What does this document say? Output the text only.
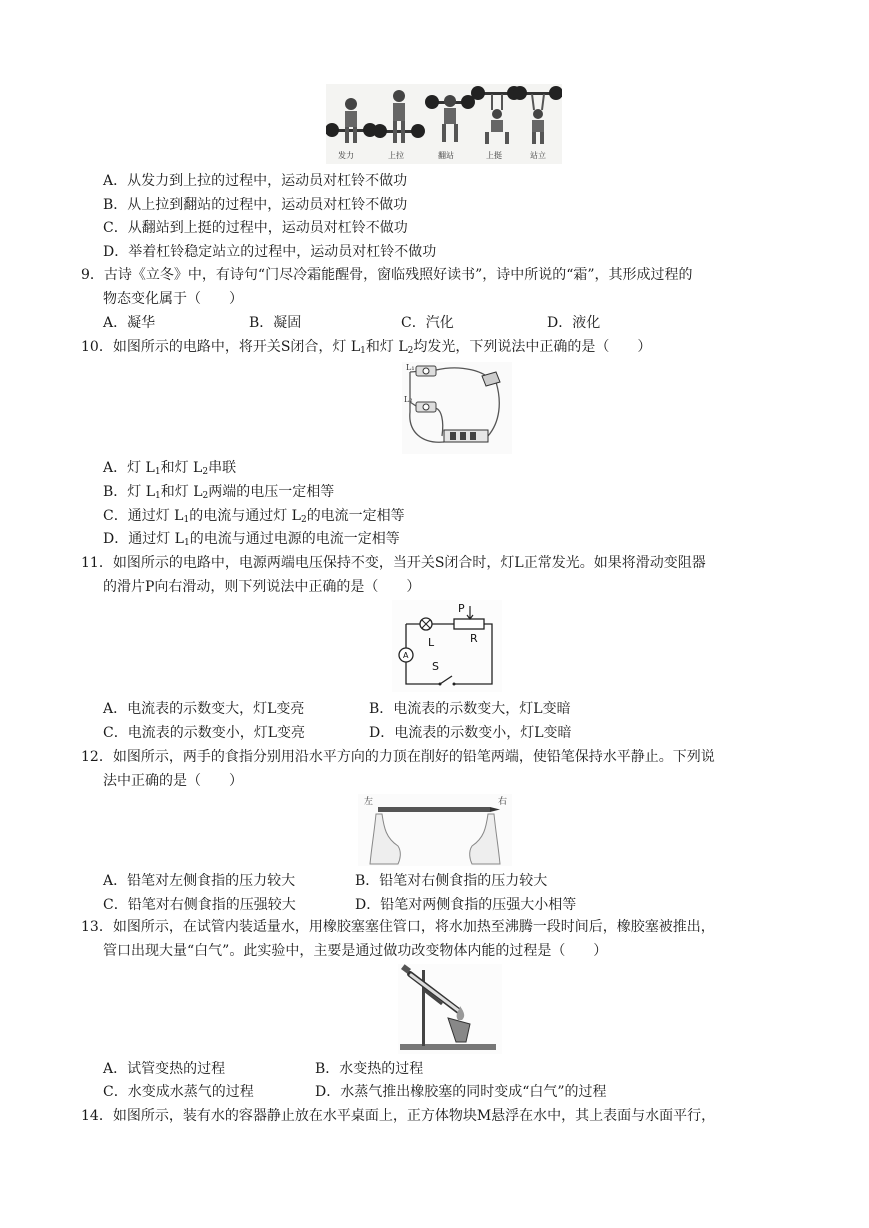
发力	上拉	翻站	上挺	站立
A．从发力到上拉的过程中，运动员对杠铃不做功
B．从上拉到翻站的过程中，运动员对杠铃不做功
C．从翻站到上挺的过程中，运动员对杠铃不做功
D．举着杠铃稳定站立的过程中，运动员对杠铃不做功
9．古诗《立冬》中，有诗句“门尽冷霜能醒骨，窗临残照好读书”，诗中所说的“霜”，其形成过程的
物态变化属于（　　）
A．凝华	B．凝固	C．汽化	D．液化
10．如图所示的电路中，将开关S闭合，灯 $L_1$和灯 $L_2$均发光，下列说法中正确的是（　　）
L₁
L₂
A．灯 $L_1$和灯 $L_2$串联
B．灯 $L_1$和灯 $L_2$两端的电压一定相等
C．通过灯 $L_1$的电流与通过灯 $L_2$的电流一定相等
D．通过灯 $L_1$的电流与通过电源的电流一定相等
11．如图所示的电路中，电源两端电压保持不变，当开关S闭合时，灯L正常发光。如果将滑动变阻器
的滑片P向右滑动，则下列说法中正确的是（　　）
P
R
L
S
A
A．电流表的示数变大，灯L变亮	B．电流表的示数变大，灯L变暗
C．电流表的示数变小，灯L变亮	D．电流表的示数变小，灯L变暗
12．如图所示，两手的食指分别用沿水平方向的力顶在削好的铅笔两端，使铅笔保持水平静止。下列说
法中正确的是（　　）
左	右
A．铅笔对左侧食指的压力较大	B．铅笔对右侧食指的压力较大
C．铅笔对右侧食指的压强较大	D．铅笔对两侧食指的压强大小相等
13．如图所示，在试管内装适量水，用橡胶塞塞住管口，将水加热至沸腾一段时间后，橡胶塞被推出，
管口出现大量“白气”。此实验中，主要是通过做功改变物体内能的过程是（　　）
A．试管变热的过程	B．水变热的过程
C．水变成水蒸气的过程	D．水蒸气推出橡胶塞的同时变成“白气”的过程
14．如图所示，装有水的容器静止放在水平桌面上，正方体物块M悬浮在水中，其上表面与水面平行，
